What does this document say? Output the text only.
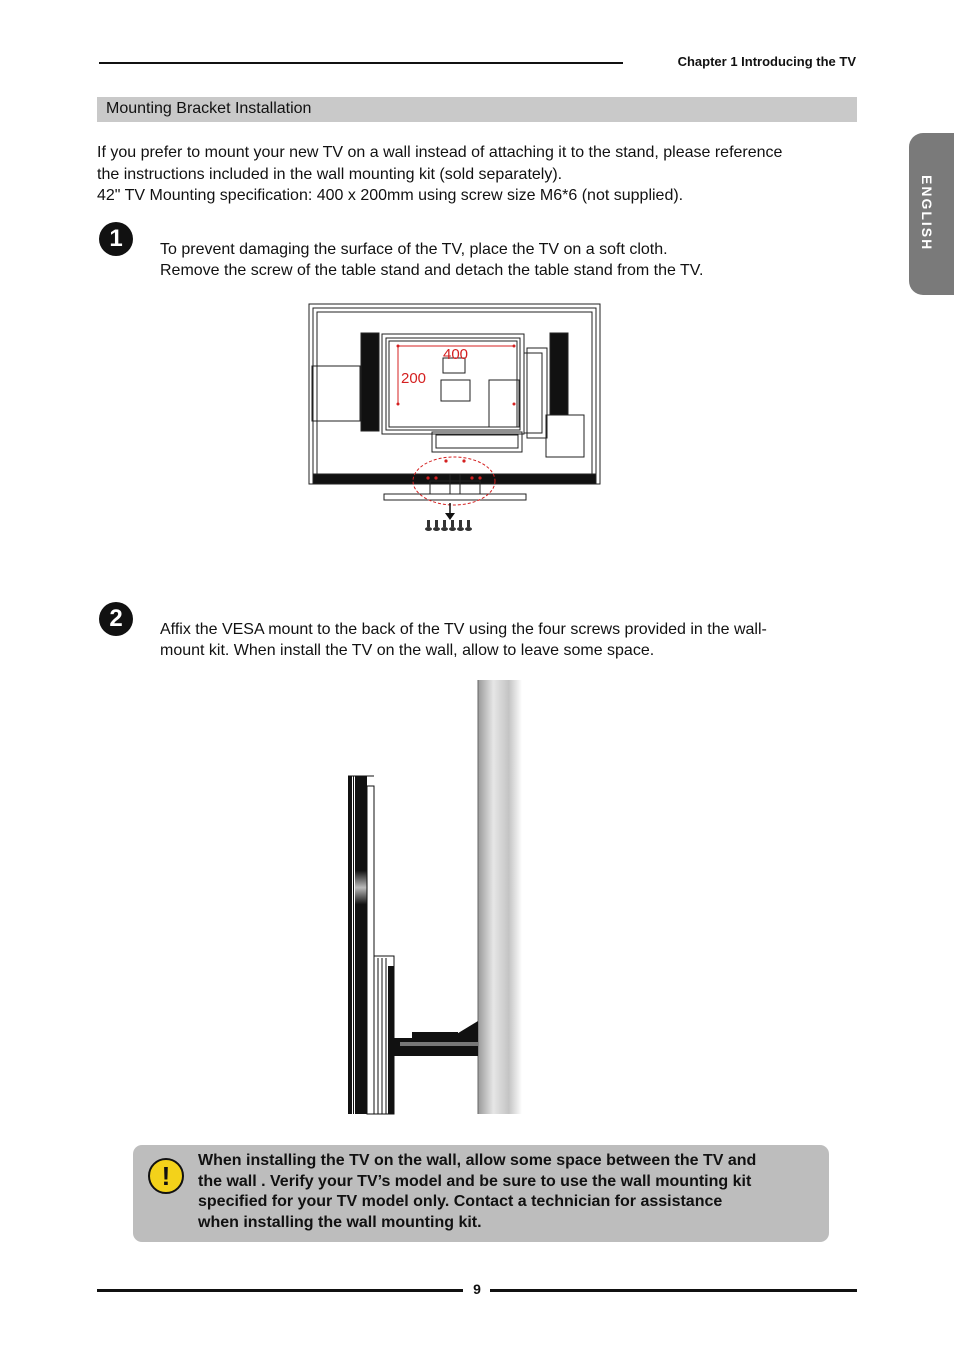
Chapter 1 Introducing the TV
ENGLISH
Mounting Bracket Installation
If you prefer to mount your new TV on a wall instead of attaching it to the stand, please reference
the instructions included in the wall mounting kit (sold separately).
42" TV Mounting specification: 400 x 200mm using screw size M6*6 (not supplied).
1	To prevent damaging the surface of the TV, place the TV on a soft cloth.
Remove the screw of the table stand and detach the table stand from the TV.
400
200
2	Affix the VESA mount to the back of the TV using the four screws provided in the wall-
mount kit. When install the TV on the wall, allow to leave some space.
!
When installing the TV on the wall, allow some space between the TV and
the wall . Verify your TV’s model and be sure to use the wall mounting kit
specified for your TV model only. Contact a technician for assistance
when installing the wall mounting kit.
9
